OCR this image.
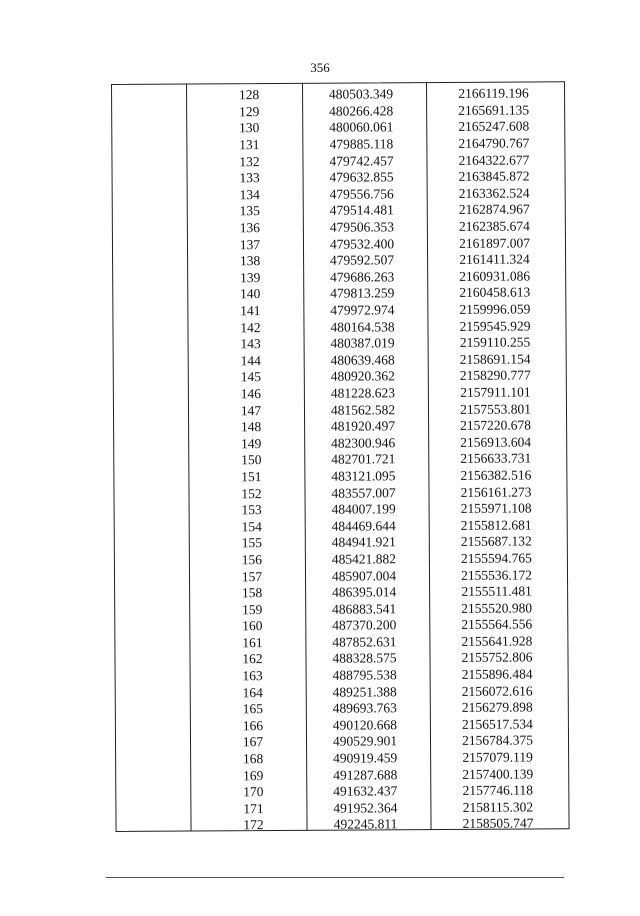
356
128	480503.349	2166119.196
129	480266.428	2165691.135
130	480060.061	2165247.608
131	479885.118	2164790.767
132	479742.457	2164322.677
133	479632.855	2163845.872
134	479556.756	2163362.524
135	479514.481	2162874.967
136	479506.353	2162385.674
137	479532.400	2161897.007
138	479592.507	2161411.324
139	479686.263	2160931.086
140	479813.259	2160458.613
141	479972.974	2159996.059
142	480164.538	2159545.929
143	480387.019	2159110.255
144	480639.468	2158691.154
145	480920.362	2158290.777
146	481228.623	2157911.101
147	481562.582	2157553.801
148	481920.497	2157220.678
149	482300.946	2156913.604
150	482701.721	2156633.731
151	483121.095	2156382.516
152	483557.007	2156161.273
153	484007.199	2155971.108
154	484469.644	2155812.681
155	484941.921	2155687.132
156	485421.882	2155594.765
157	485907.004	2155536.172
158	486395.014	2155511.481
159	486883.541	2155520.980
160	487370.200	2155564.556
161	487852.631	2155641.928
162	488328.575	2155752.806
163	488795.538	2155896.484
164	489251.388	2156072.616
165	489693.763	2156279.898
166	490120.668	2156517.534
167	490529.901	2156784.375
168	490919.459	2157079.119
169	491287.688	2157400.139
170	491632.437	2157746.118
171	491952.364	2158115.302
172	492245.811	2158505.747
